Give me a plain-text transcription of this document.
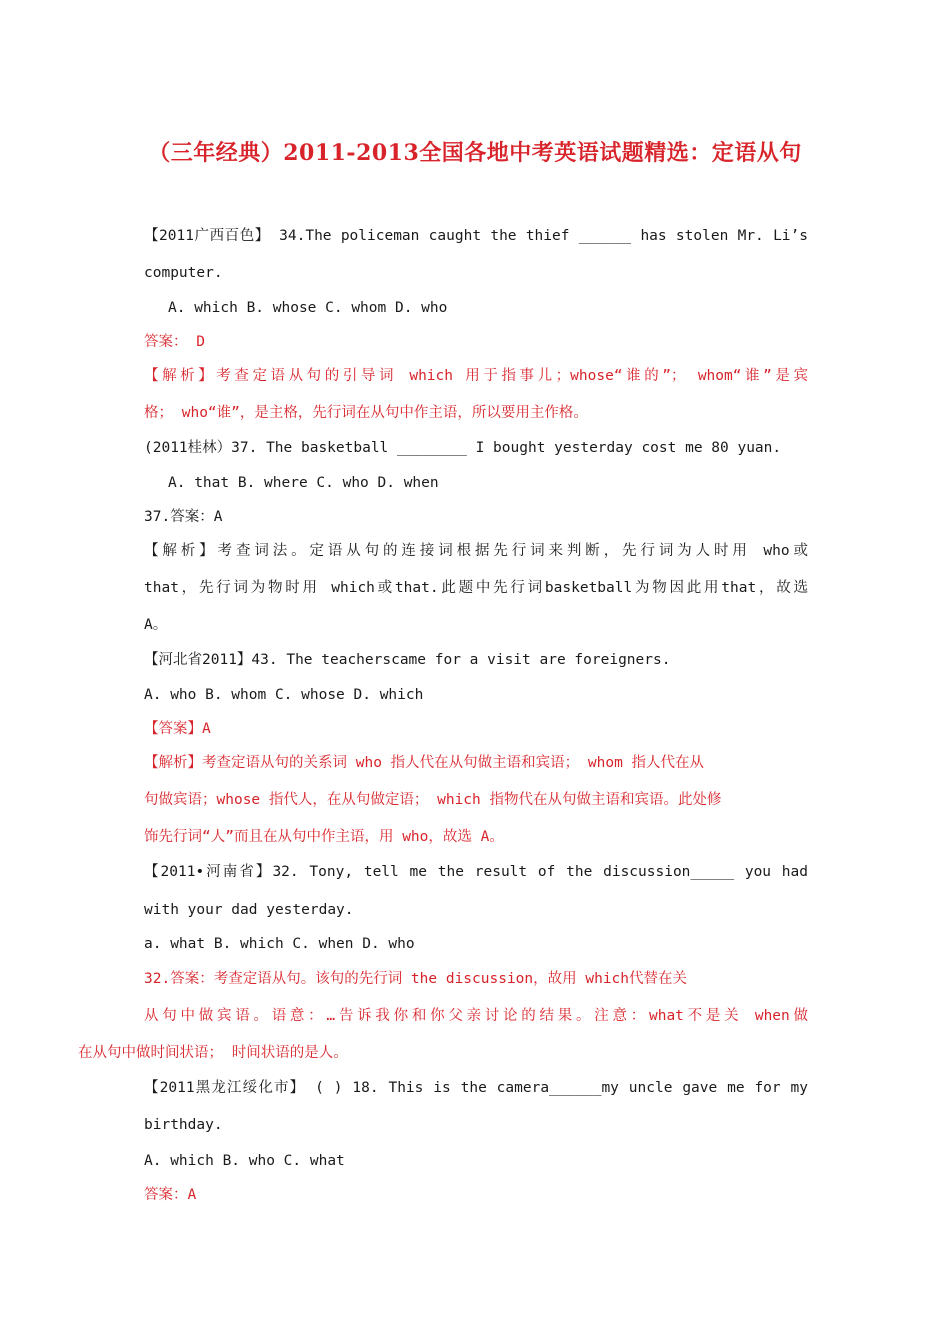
（三年经典）2011-2013全国各地中考英语试题精选：定语从句
【2011广西百色】 34.The policeman caught the thief ______ has stolen Mr. Li’s
computer.
A. which B. whose C. whom D. who
答案： D
【解析】考查定语从句的引导词 which 用于指事儿；whose“谁的”； whom“谁”是宾
格； who“谁”，是主格，先行词在从句中作主语，所以要用主作格。
(2011桂林）37. The basketball ________ I bought yesterday cost me 80 yuan.
A. that B. where C. who D. when
37.答案：A
【解析】考查词法。定语从句的连接词根据先行词来判断，先行词为人时用 who或
that，先行词为物时用 which或that.此题中先行词basketball为物因此用that，故选
A。
【河北省2011】43. The teacherscame for a visit are foreigners.
A. who B. whom C. whose D. which
【答案】A
【解析】考查定语从句的关系词 who 指人代在从句做主语和宾语； whom 指人代在从
句做宾语；whose 指代人，在从句做定语； which 指物代在从句做主语和宾语。此处修
饰先行词“人”而且在从句中作主语，用 who，故选 A。
【2011•河南省】32. Tony, tell me the result of the discussion_____ you had
with your dad yesterday.
a. what B. which C. when D. who
32.答案：考查定语从句。该句的先行词 the discussion，故用 which代替在关
从句中做宾语。语意：…告诉我你和你父亲讨论的结果。注意：what不是关 when做
在从句中做时间状语； 时间状语的是人。
【2011黑龙江绥化市】 ( ) 18. This is the camera______my uncle gave me for my
birthday.
A. which B. who C. what
答案：A
